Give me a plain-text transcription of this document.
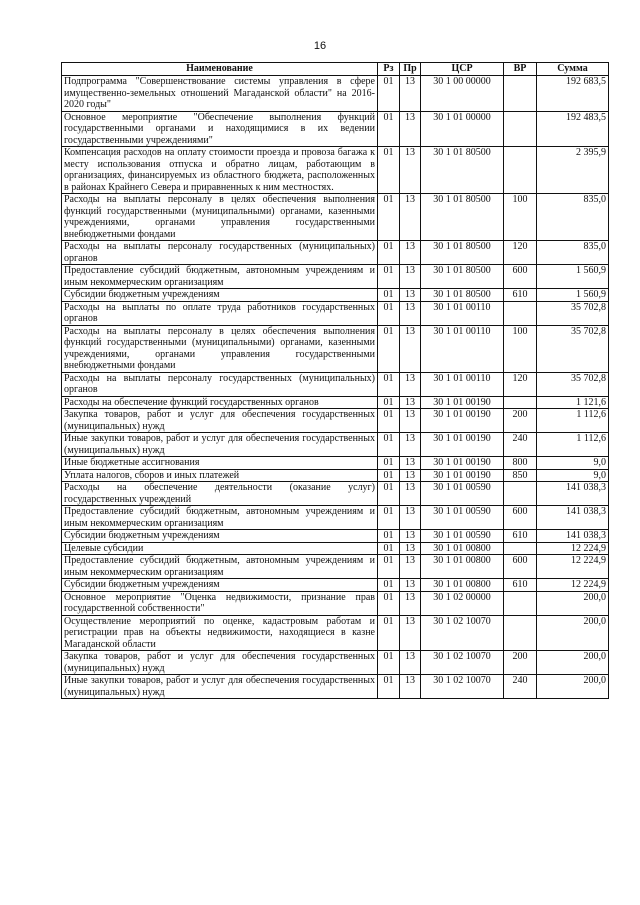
16
Наименование	Рз	Пр	ЦСР	ВР	Сумма
Подпрограмма "Совершенствование системы управления в сфере имущественно-земельных отношений Магаданской области" на 2016-2020 годы"	01	13	30 1 00 00000		192 683,5
Основное мероприятие "Обеспечение выполнения функций государственными органами и находящимися в их ведении государственными учреждениями"	01	13	30 1 01 00000		192 483,5
Компенсация расходов на оплату стоимости проезда и провоза багажа к месту использования отпуска и обратно лицам, работающим в организациях, финансируемых из областного бюджета, расположенных в районах Крайнего Севера и приравненных к ним местностях.	01	13	30 1 01 80500		2 395,9
Расходы на выплаты персоналу в целях обеспечения выполнения функций государственными (муниципальными) органами, казенными учреждениями, органами управления государственными внебюджетными фондами	01	13	30 1 01 80500	100	835,0
Расходы на выплаты персоналу государственных (муниципальных) органов	01	13	30 1 01 80500	120	835,0
Предоставление субсидий бюджетным, автономным учреждениям и иным некоммерческим организациям	01	13	30 1 01 80500	600	1 560,9
Субсидии бюджетным учреждениям	01	13	30 1 01 80500	610	1 560,9
Расходы на выплаты по оплате труда работников государственных органов	01	13	30 1 01 00110		35 702,8
Расходы на выплаты персоналу в целях обеспечения выполнения функций государственными (муниципальными) органами, казенными учреждениями, органами управления государственными внебюджетными фондами	01	13	30 1 01 00110	100	35 702,8
Расходы на выплаты персоналу государственных (муниципальных) органов	01	13	30 1 01 00110	120	35 702,8
Расходы на обеспечение функций государственных органов	01	13	30 1 01 00190		1 121,6
Закупка товаров, работ и услуг для обеспечения государственных (муниципальных) нужд	01	13	30 1 01 00190	200	1 112,6
Иные закупки товаров, работ и услуг для обеспечения государственных (муниципальных) нужд	01	13	30 1 01 00190	240	1 112,6
Иные бюджетные ассигнования	01	13	30 1 01 00190	800	9,0
Уплата налогов, сборов и иных платежей	01	13	30 1 01 00190	850	9,0
Расходы на обеспечение деятельности (оказание услуг) государственных учреждений	01	13	30 1 01 00590		141 038,3
Предоставление субсидий бюджетным, автономным учреждениям и иным некоммерческим организациям	01	13	30 1 01 00590	600	141 038,3
Субсидии бюджетным учреждениям	01	13	30 1 01 00590	610	141 038,3
Целевые субсидии	01	13	30 1 01 00800		12 224,9
Предоставление субсидий бюджетным, автономным учреждениям и иным некоммерческим организациям	01	13	30 1 01 00800	600	12 224,9
Субсидии бюджетным учреждениям	01	13	30 1 01 00800	610	12 224,9
Основное мероприятие "Оценка недвижимости, признание прав государственной собственности"	01	13	30 1 02 00000		200,0
Осуществление мероприятий по оценке, кадастровым работам и регистрации прав на объекты недвижимости, находящиеся в казне Магаданской области	01	13	30 1 02 10070		200,0
Закупка товаров, работ и услуг для обеспечения государственных (муниципальных) нужд	01	13	30 1 02 10070	200	200,0
Иные закупки товаров, работ и услуг для обеспечения государственных (муниципальных) нужд	01	13	30 1 02 10070	240	200,0
